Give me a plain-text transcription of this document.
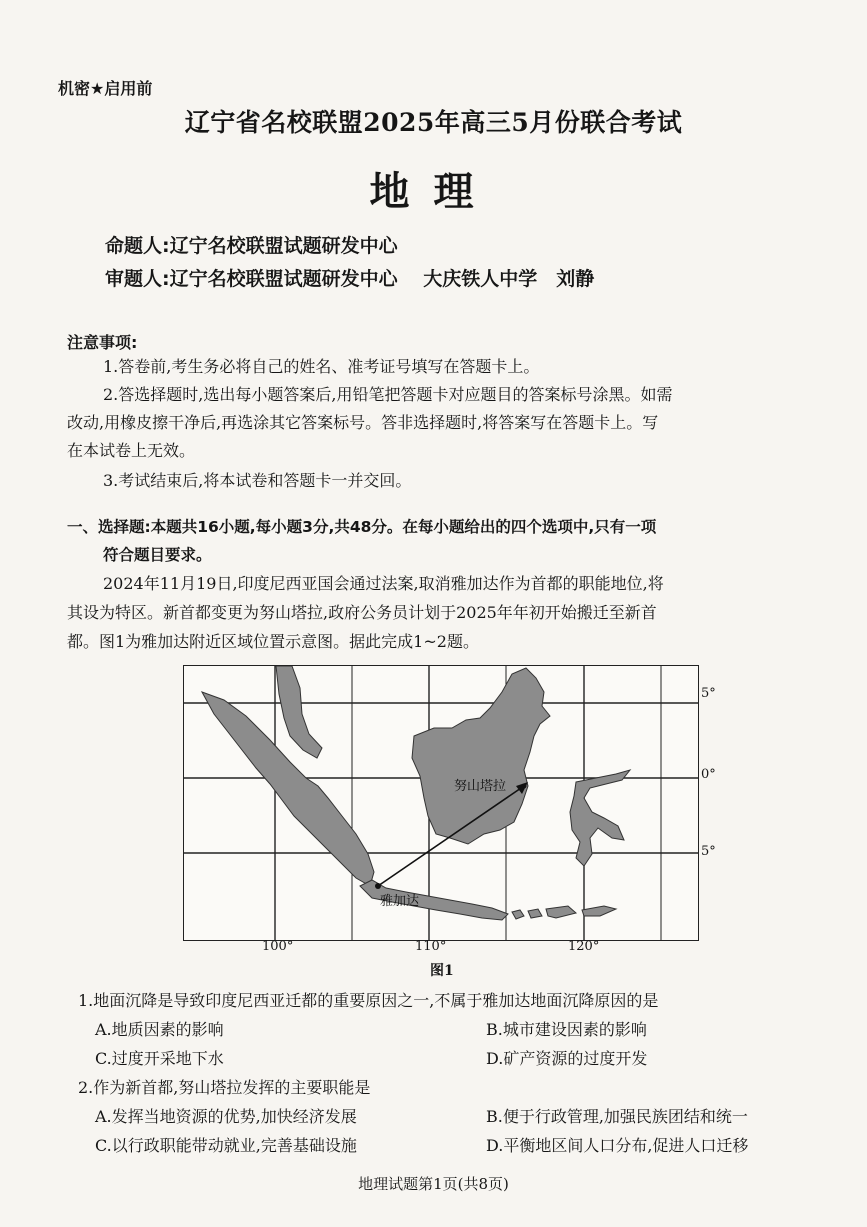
机密★启用前
辽宁省名校联盟2025年高三5月份联合考试
地理
命题人:辽宁名校联盟试题研发中心
审题人:辽宁名校联盟试题研发中心　 大庆铁人中学　刘静
注意事项:
1.答卷前,考生务必将自己的姓名、准考证号填写在答题卡上。
2.答选择题时,选出每小题答案后,用铅笔把答题卡对应题目的答案标号涂黑。如需
改动,用橡皮擦干净后,再选涂其它答案标号。答非选择题时,将答案写在答题卡上。写
在本试卷上无效。
3.考试结束后,将本试卷和答题卡一并交回。
一、选择题:本题共16小题,每小题3分,共48分。在每小题给出的四个选项中,只有一项
符合题目要求。
2024年11月19日,印度尼西亚国会通过法案,取消雅加达作为首都的职能地位,将
其设为特区。新首都变更为努山塔拉,政府公务员计划于2025年年初开始搬迁至新首
都。图1为雅加达附近区域位置示意图。据此完成1~2题。
努山塔拉
雅加达
5°
0°
5°
100°	110°	120°
图1
1.地面沉降是导致印度尼西亚迁都的重要原因之一,不属于雅加达地面沉降原因的是
A.地质因素的影响	B.城市建设因素的影响
C.过度开采地下水	D.矿产资源的过度开发
2.作为新首都,努山塔拉发挥的主要职能是
A.发挥当地资源的优势,加快经济发展	B.便于行政管理,加强民族团结和统一
C.以行政职能带动就业,完善基础设施	D.平衡地区间人口分布,促进人口迁移
地理试题第1页(共8页)
